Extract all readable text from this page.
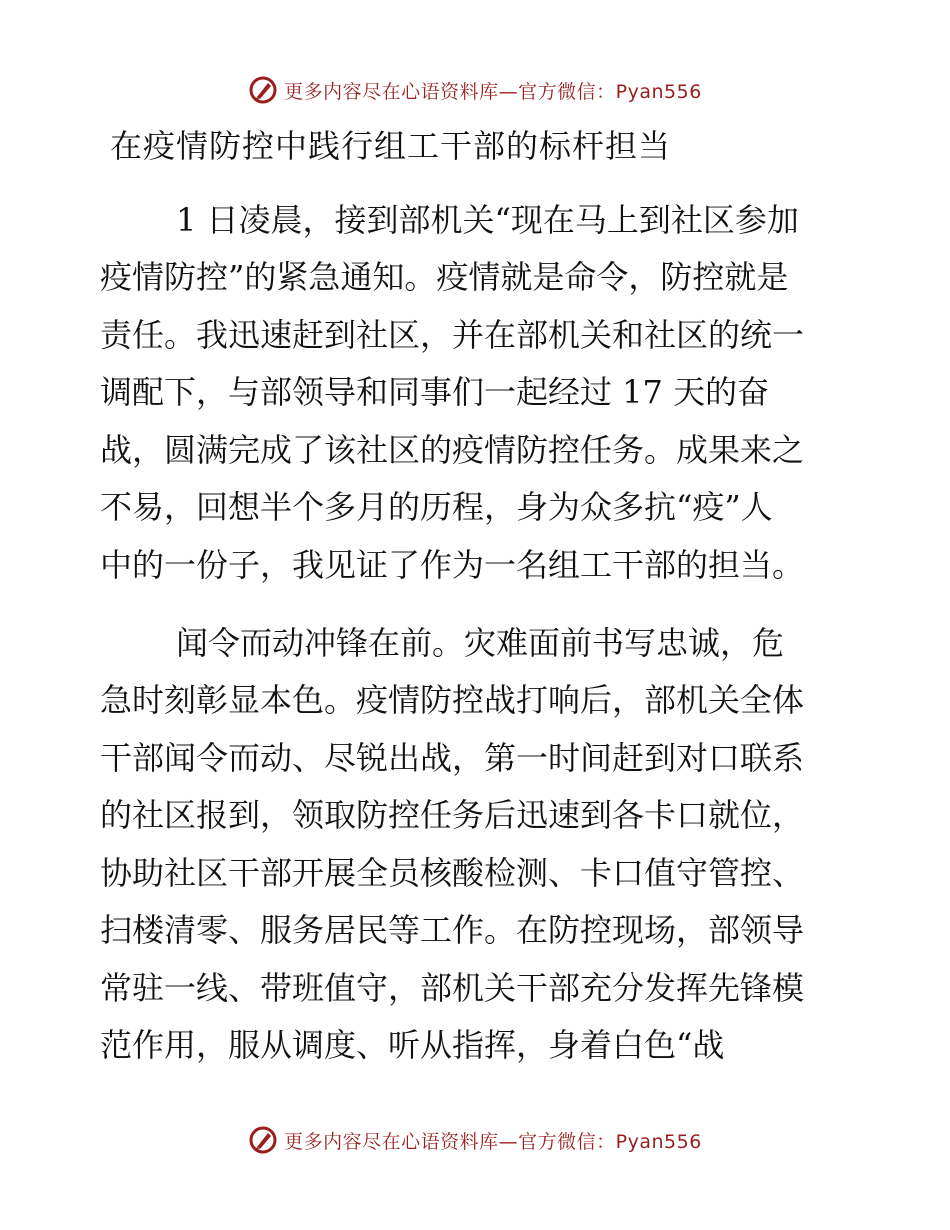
更多内容尽在心语资料库—官方微信：Pyan556
在疫情防控中践行组工干部的标杆担当
1 日凌晨，接到部机关“现在马上到社区参加
疫情防控”的紧急通知。疫情就是命令，防控就是
责任。我迅速赶到社区，并在部机关和社区的统一
调配下，与部领导和同事们一起经过 17 天的奋
战，圆满完成了该社区的疫情防控任务。成果来之
不易，回想半个多月的历程，身为众多抗“疫”人
中的一份子，我见证了作为一名组工干部的担当。
闻令而动冲锋在前。灾难面前书写忠诚，危
急时刻彰显本色。疫情防控战打响后，部机关全体
干部闻令而动、尽锐出战，第一时间赶到对口联系
的社区报到，领取防控任务后迅速到各卡口就位，
协助社区干部开展全员核酸检测、卡口值守管控、
扫楼清零、服务居民等工作。在防控现场，部领导
常驻一线、带班值守，部机关干部充分发挥先锋模
范作用，服从调度、听从指挥，身着白色“战
更多内容尽在心语资料库—官方微信：Pyan556
